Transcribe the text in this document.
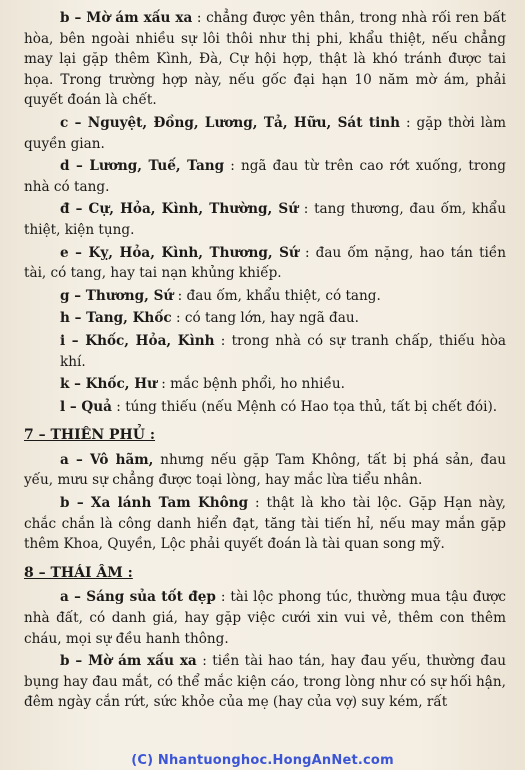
b – Mờ ám xấu xa : chẳng được yên thân, trong nhà rối ren bất hòa, bên ngoài nhiều sự lôi thôi như thị phi, khẩu thiệt, nếu chẳng may lại gặp thêm Kình, Đà, Cự hội hợp, thật là khó tránh được tai họa. Trong trường hợp này, nếu gốc đại hạn 10 năm mờ ám, phải quyết đoán là chết.

c – Nguyệt, Đồng, Lương, Tả, Hữu, Sát tinh : gặp thời làm quyền gian.

d – Lương, Tuế, Tang : ngã đau từ trên cao rớt xuống, trong nhà có tang.

đ – Cự, Hỏa, Kình, Thường, Sứ : tang thương, đau ốm, khẩu thiệt, kiện tụng.

e – Kỵ, Hỏa, Kình, Thương, Sứ : đau ốm nặng, hao tán tiền tài, có tang, hay tai nạn khủng khiếp.

g – Thương, Sứ : đau ốm, khẩu thiệt, có tang.

h – Tang, Khốc : có tang lớn, hay ngã đau.

i – Khốc, Hỏa, Kình : trong nhà có sự tranh chấp, thiếu hòa khí.

k – Khốc, Hư : mắc bệnh phổi, ho nhiều.

l – Quả : túng thiếu (nếu Mệnh có Hao tọa thủ, tất bị chết đói).

7 – THIÊN PHỦ :

a – Vô hãm, nhưng nếu gặp Tam Không, tất bị phá sản, đau yếu, mưu sự chẳng được toại lòng, hay mắc lừa tiểu nhân.

b – Xa lánh Tam Không : thật là kho tài lộc. Gặp Hạn này, chắc chắn là công danh hiển đạt, tăng tài tiến hỉ, nếu may mắn gặp thêm Khoa, Quyền, Lộc phải quyết đoán là tài quan song mỹ.

8 – THÁI ÂM :

a – Sáng sủa tốt đẹp : tài lộc phong túc, thường mua tậu được nhà đất, có danh giá, hay gặp việc cưới xin vui vẻ, thêm con thêm cháu, mọi sự đều hanh thông.

b – Mờ ám xấu xa : tiền tài hao tán, hay đau yếu, thường đau bụng hay đau mắt, có thể mắc kiện cáo, trong lòng như có sự hối hận, đêm ngày cắn rứt, sức khỏe của mẹ (hay của vợ) suy kém, rất

(C) Nhantuonghoc.HongAnNet.com
